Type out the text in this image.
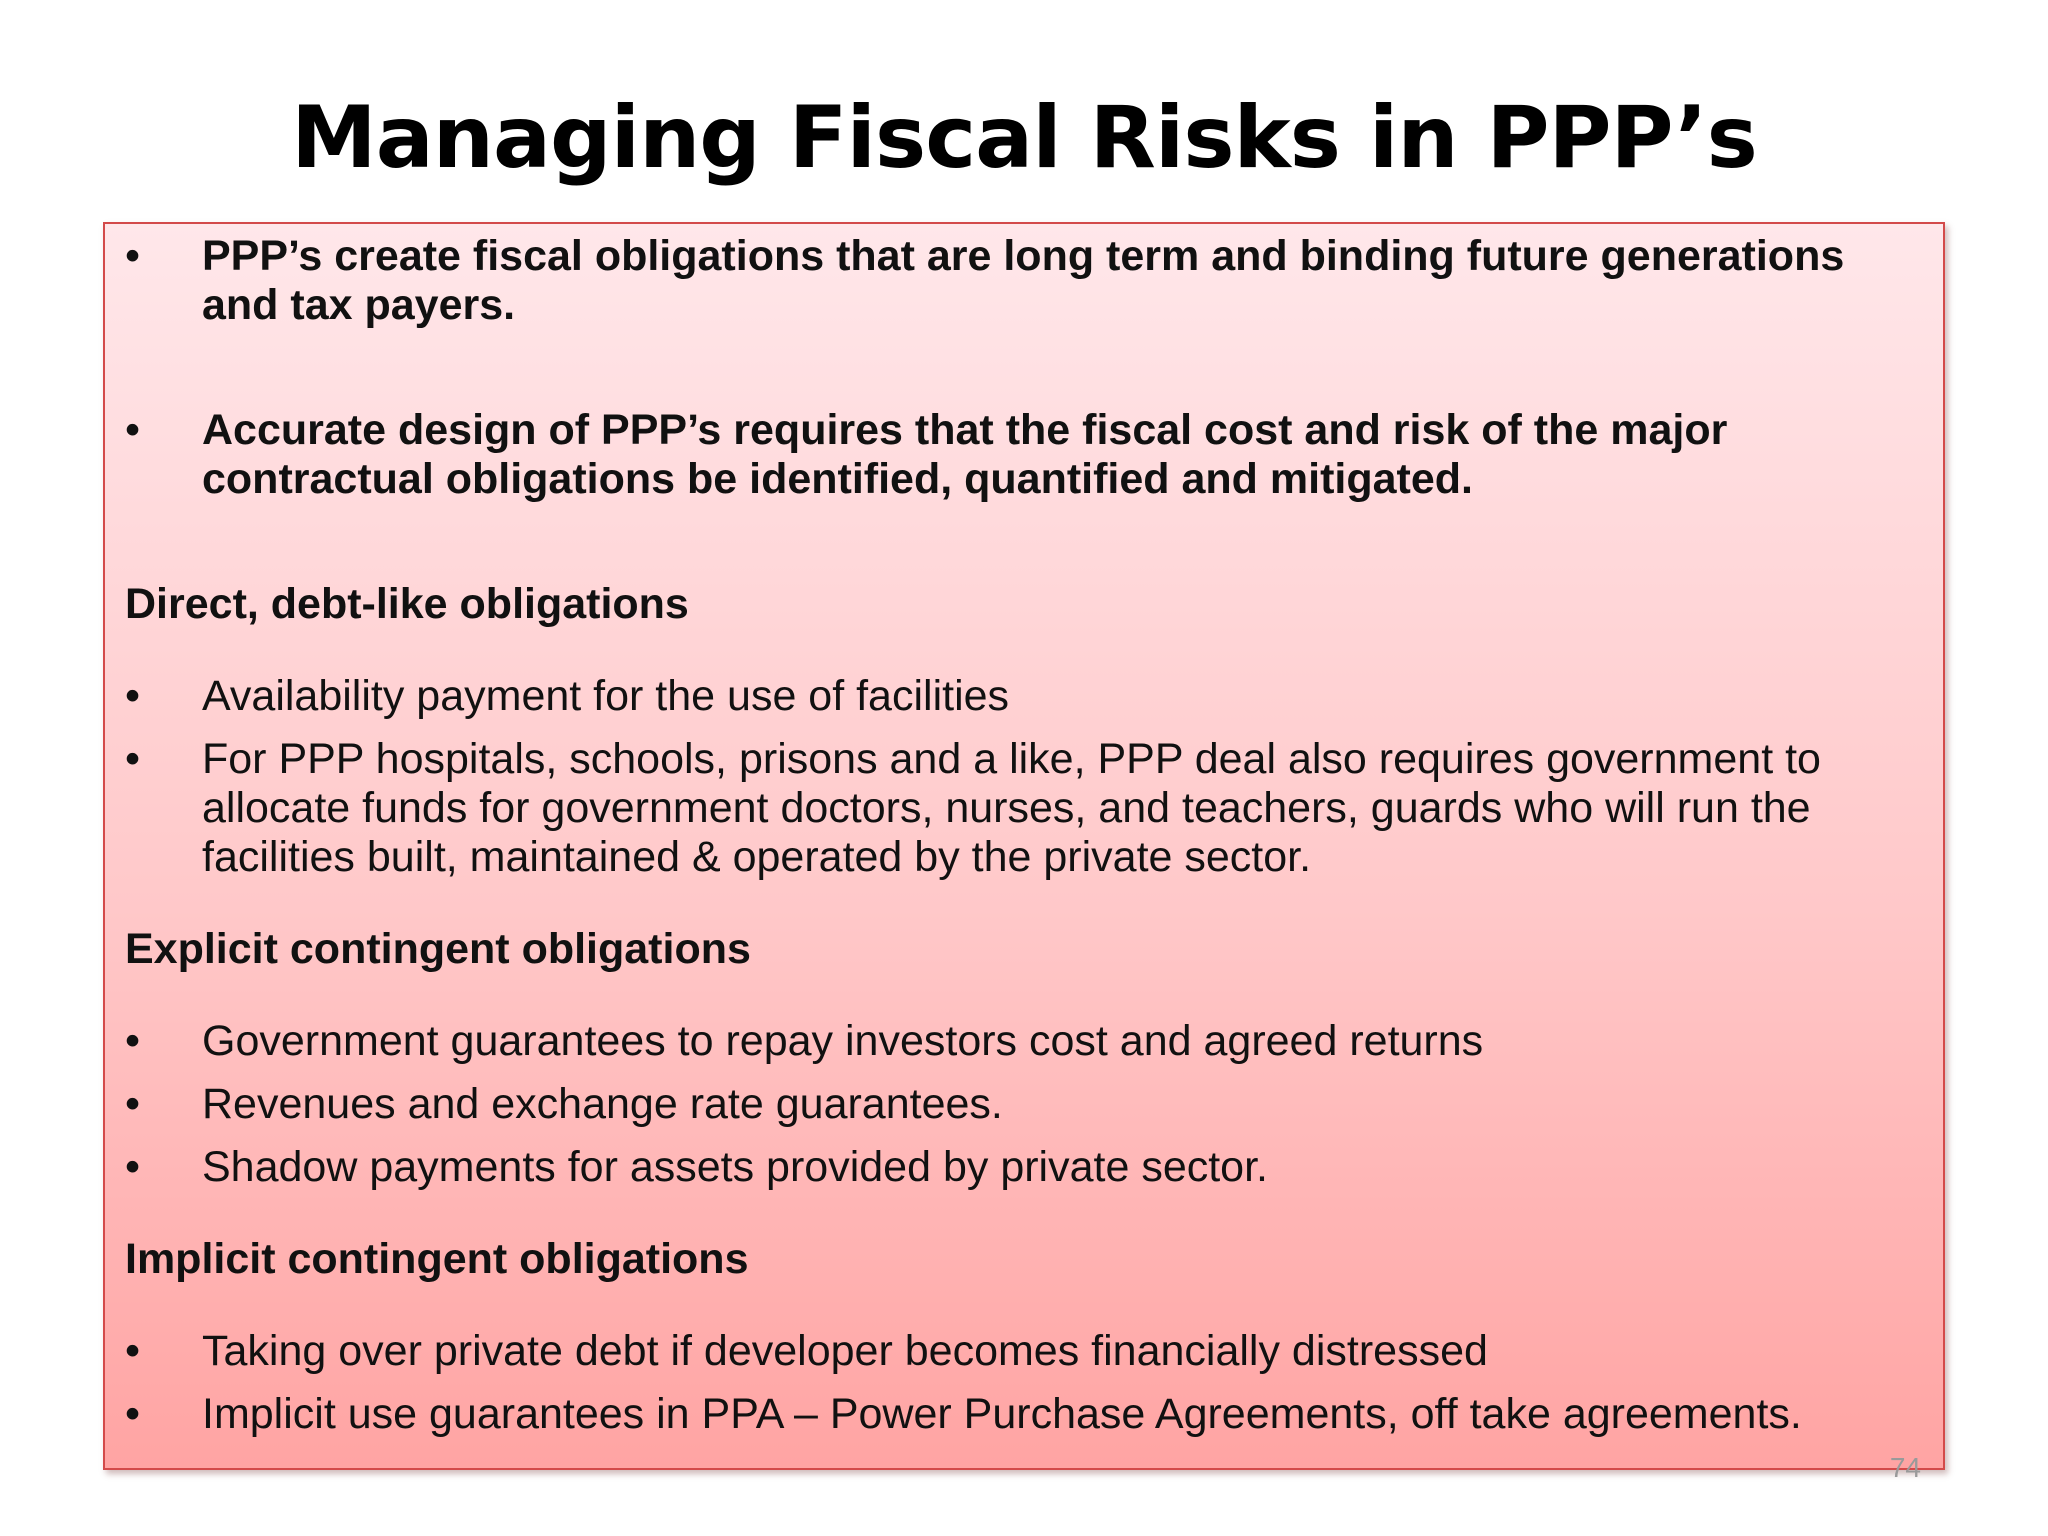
Managing Fiscal Risks in PPP’s
•	PPP’s create fiscal obligations that are long term and binding future generations and tax payers.
•	Accurate design of PPP’s requires that the fiscal cost and risk of the major contractual obligations be identified, quantified and mitigated.
Direct, debt-like obligations
•	Availability payment for the use of facilities
•	For PPP hospitals, schools, prisons and a like, PPP deal also requires government to allocate funds for government doctors, nurses, and teachers, guards who will run the facilities built, maintained & operated by the private sector.
Explicit contingent obligations
•	Government guarantees to repay investors cost and agreed returns
•	Revenues and exchange rate guarantees.
•	Shadow payments for assets provided by private sector.
Implicit contingent obligations
•	Taking over private debt if developer becomes financially distressed
•	Implicit use guarantees in PPA – Power Purchase Agreements, off take agreements.
74
